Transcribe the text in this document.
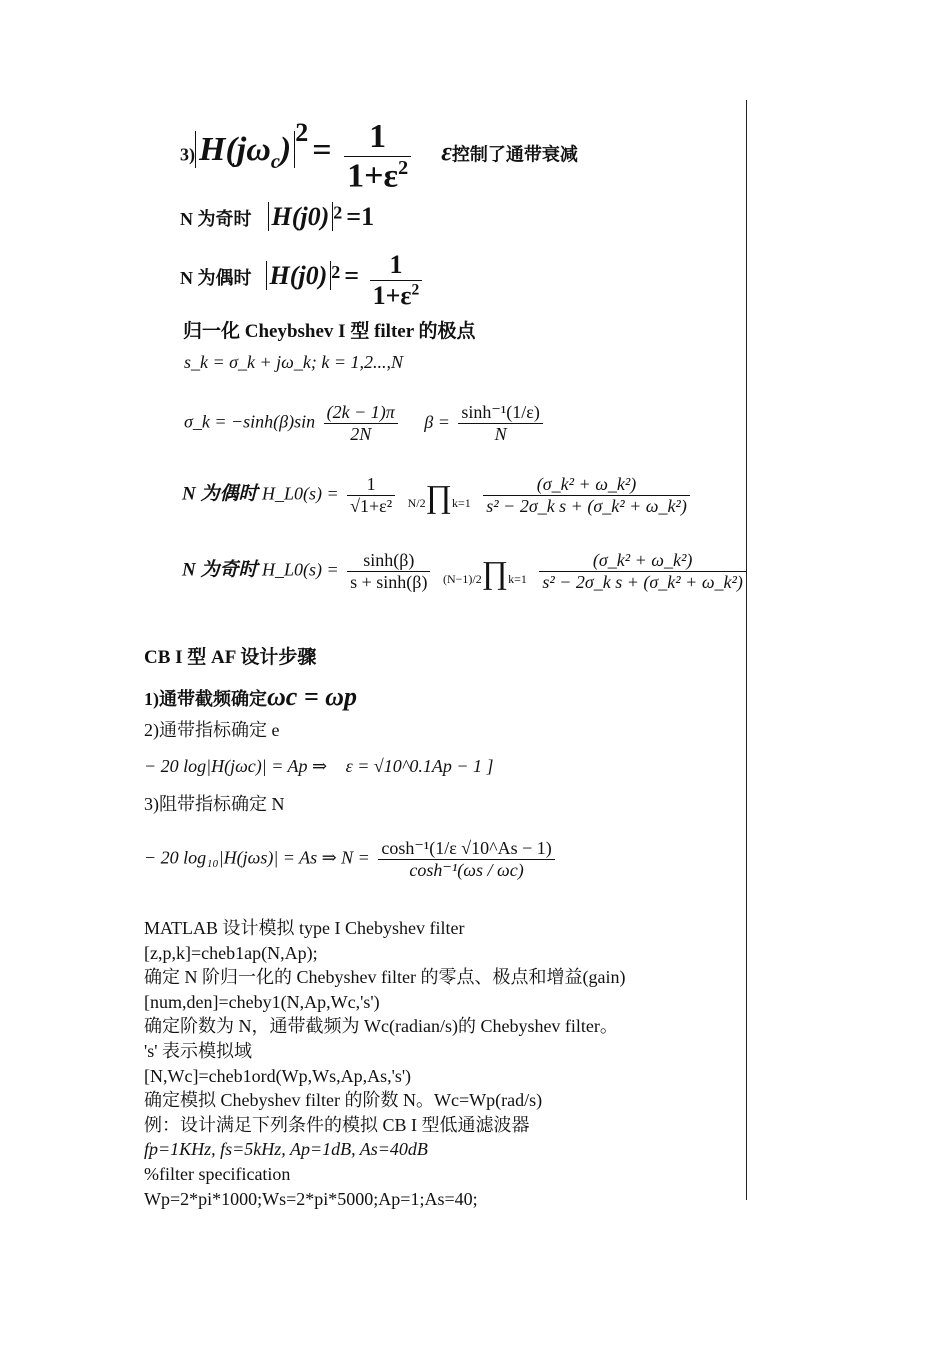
3) $H(j\omega_c) ^2 = \frac{1}{1+\varepsilon^2}$ ε控制了通带衰减
N 为奇时 H(j0) $^2$ =1
N 为偶时 H(j0) $^2 = \frac{1}{1+\varepsilon^2}$
归一化 Cheybshev I 型 filter 的极点
s_k = σ_k + jω_k; k = 1,2...,N
σ_k = $-\sinh(\beta)\sin \frac{(2k - 1)\pi}{2N}$ $\beta = \frac{\text{sinh⁻¹(1/ε)}}{N}$
N 为偶时 H_L0(s) = $\frac{1}{\text{√1+ε²}}$ N/2∏k=1 $\frac{\text{(σ\_k² + ω\_k²)}}{\text{s² − 2σ\_k s + (σ\_k² + ω\_k²)}}$
N 为奇时 H_L0(s) = $\frac{\sinh(\beta)}{s + \sinh(\beta)}$ (N−1)/2∏k=1 $\frac{\text{(σ\_k² + ω\_k²)}}{\text{s² − 2σ\_k s + (σ\_k² + ω\_k²)}}$
CB I 型 AF 设计步骤
1)通带截频确定ωc = ωp
2)通带指标确定 e
− 20 log|H(jωc)| = Ap ⇒ ε = √10^0.1Ap − 1 ]
3)阻带指标确定 N
− 20 log₁₀|H(jωs)| = As ⇒ $N = \frac{\text{cosh⁻¹(1/ε √10\textasciicircum{}As − 1)}}{\text{cosh⁻¹(ωs / ωc)}}$
MATLAB 设计模拟 type I Chebyshev filter
[z,p,k]=cheb1ap(N,Ap);
确定 N 阶归一化的 Chebyshev filter 的零点、极点和增益(gain)
[num,den]=cheby1(N,Ap,Wc,'s')
确定阶数为 N，通带截频为 Wc(radian/s)的 Chebyshev filter。
's' 表示模拟域
[N,Wc]=cheb1ord(Wp,Ws,Ap,As,'s')
确定模拟 Chebyshev filter 的阶数 N。Wc=Wp(rad/s)
例：设计满足下列条件的模拟 CB I 型低通滤波器
fp=1KHz, fs=5kHz, Ap=1dB, As=40dB
%filter specification
Wp=2*pi*1000;Ws=2*pi*5000;Ap=1;As=40;
